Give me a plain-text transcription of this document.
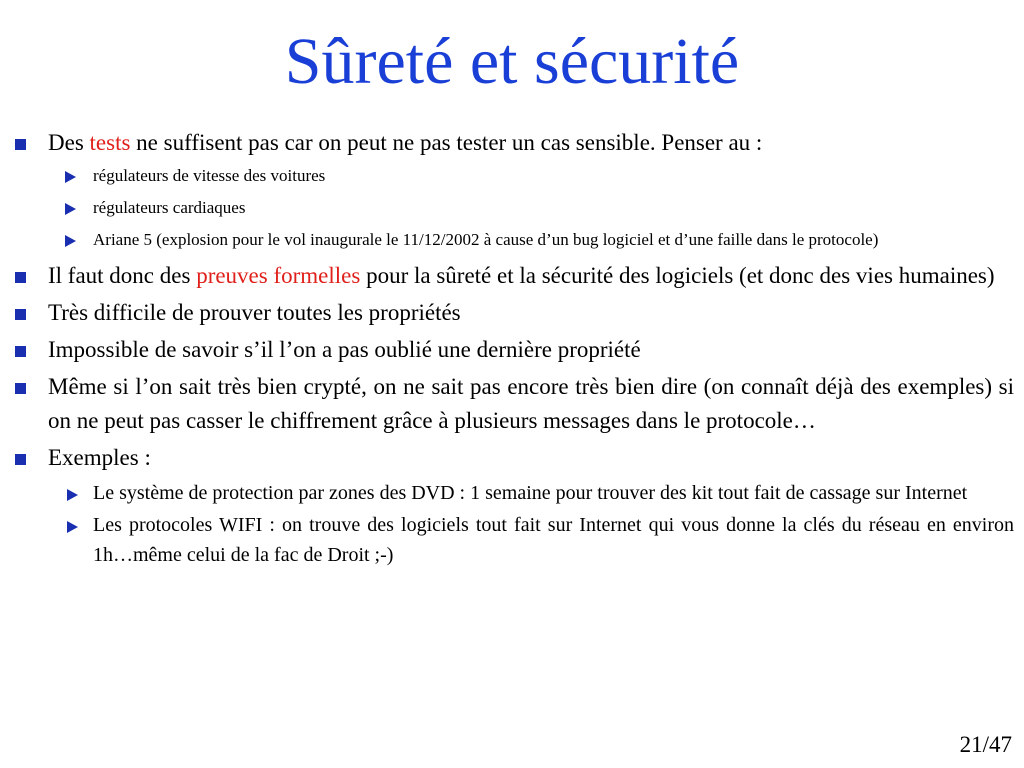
Sûreté et sécurité
Des tests ne suffisent pas car on peut ne pas tester un cas sensible. Penser au :
régulateurs de vitesse des voitures
régulateurs cardiaques
Ariane 5 (explosion pour le vol inaugurale le 11/12/2002 à cause d’un bug logiciel et d’une faille dans le protocole)
Il faut donc des preuves formelles pour la sûreté et la sécurité des logiciels (et donc des vies humaines)
Très difficile de prouver toutes les propriétés
Impossible de savoir s’il l’on a pas oublié une dernière propriété
Même si l’on sait très bien crypté, on ne sait pas encore très bien dire (on connaît déjà des exemples) si on ne peut pas casser le chiffrement grâce à plusieurs messages dans le protocole…
Exemples :
Le système de protection par zones des DVD : 1 semaine pour trouver des kit tout fait de cassage sur Internet
Les protocoles WIFI : on trouve des logiciels tout fait sur Internet qui vous donne la clés du réseau en environ 1h…même celui de la fac de Droit ;-)
21/47
